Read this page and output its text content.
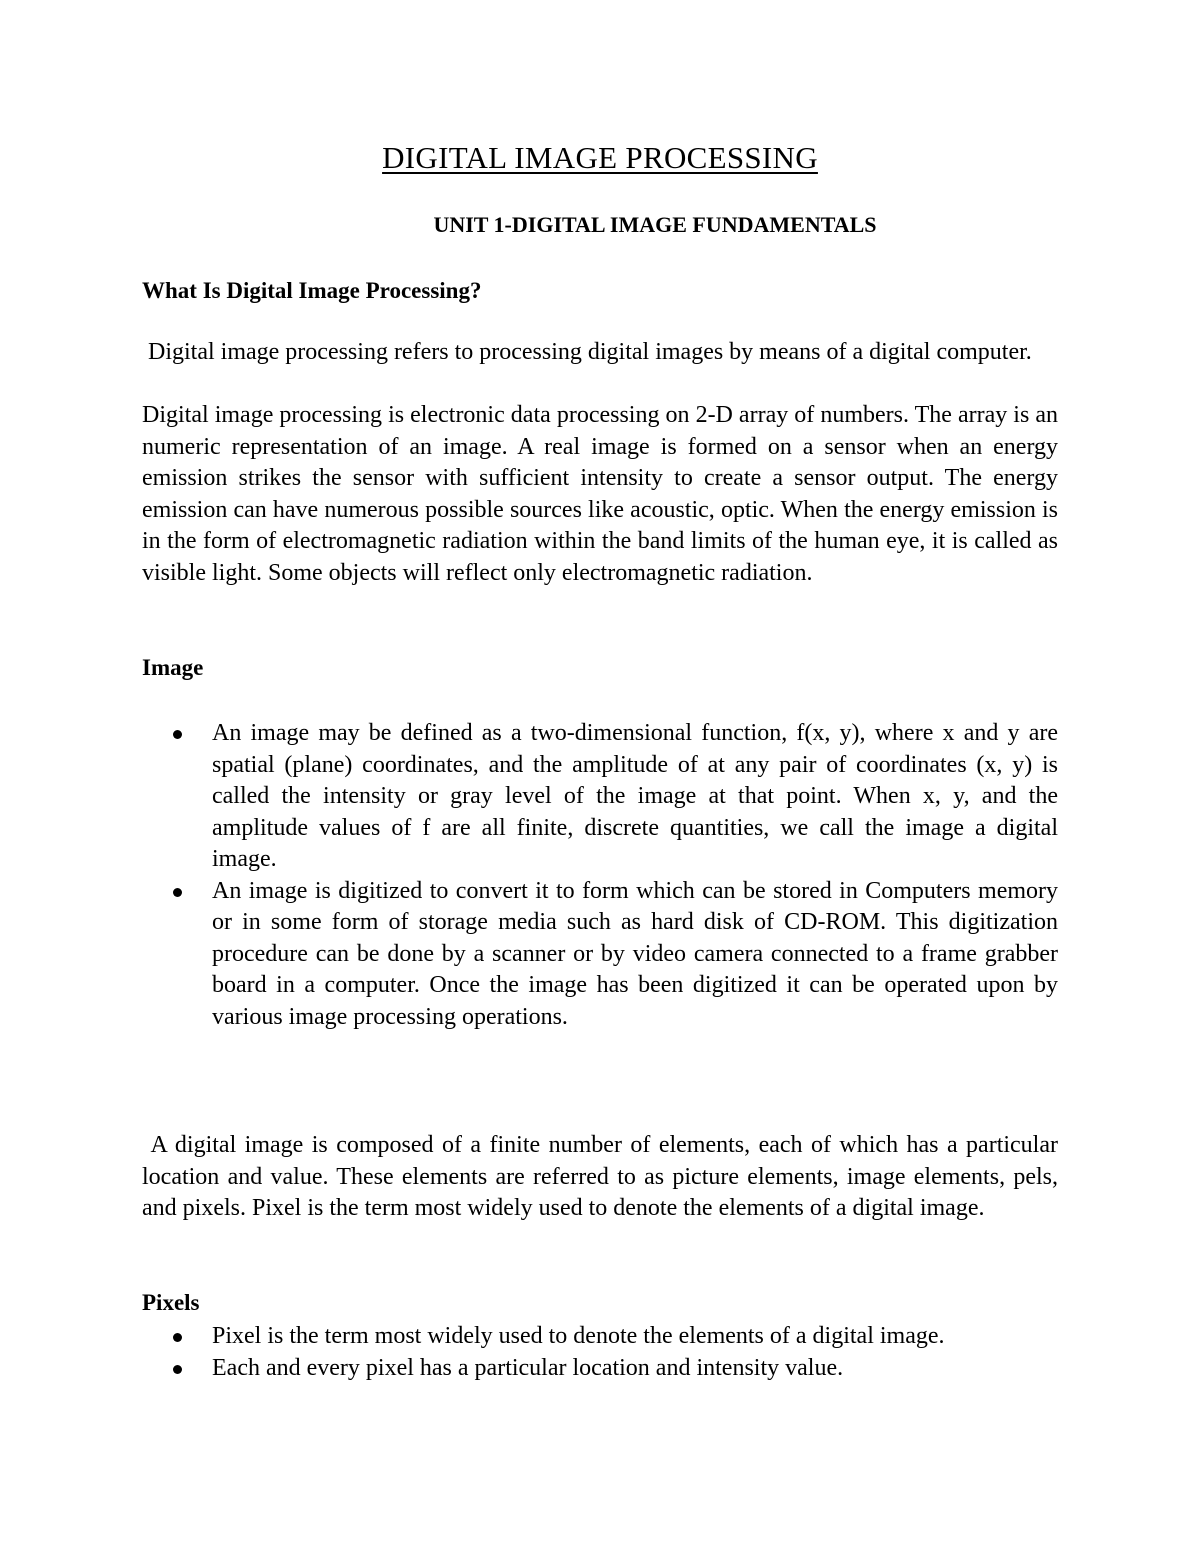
DIGITAL IMAGE PROCESSING
UNIT 1-DIGITAL IMAGE FUNDAMENTALS
What Is Digital Image Processing?

Digital image processing refers to processing digital images by means of a digital computer.

Digital image processing is electronic data processing on 2-D array of numbers. The array is an numeric representation of an image. A real image is formed on a sensor when an energy emission strikes the sensor with sufficient intensity to create a sensor output. The energy emission can have numerous possible sources like acoustic, optic. When the energy emission is in the form of electromagnetic radiation within the band limits of the human eye, it is called as visible light. Some objects will reflect only electromagnetic radiation.

Image
An image may be defined as a two-dimensional function, f(x, y), where x and y are spatial (plane) coordinates, and the amplitude of at any pair of coordinates (x, y) is called the intensity or gray level of the image at that point. When x, y, and the amplitude values of f are all finite, discrete quantities, we call the image a digital image.
An image is digitized to convert it to form which can be stored in Computers memory or in some form of storage media such as hard disk of CD-ROM. This digitization procedure can be done by a scanner or by video camera connected to a frame grabber board in a computer. Once the image has been digitized it can be operated upon by various image processing operations.

A digital image is composed of a finite number of elements, each of which has a particular location and value. These elements are referred to as picture elements, image elements, pels, and pixels. Pixel is the term most widely used to denote the elements of a digital image.

Pixels
Pixel is the term most widely used to denote the elements of a digital image.
Each and every pixel has a particular location and intensity value.
